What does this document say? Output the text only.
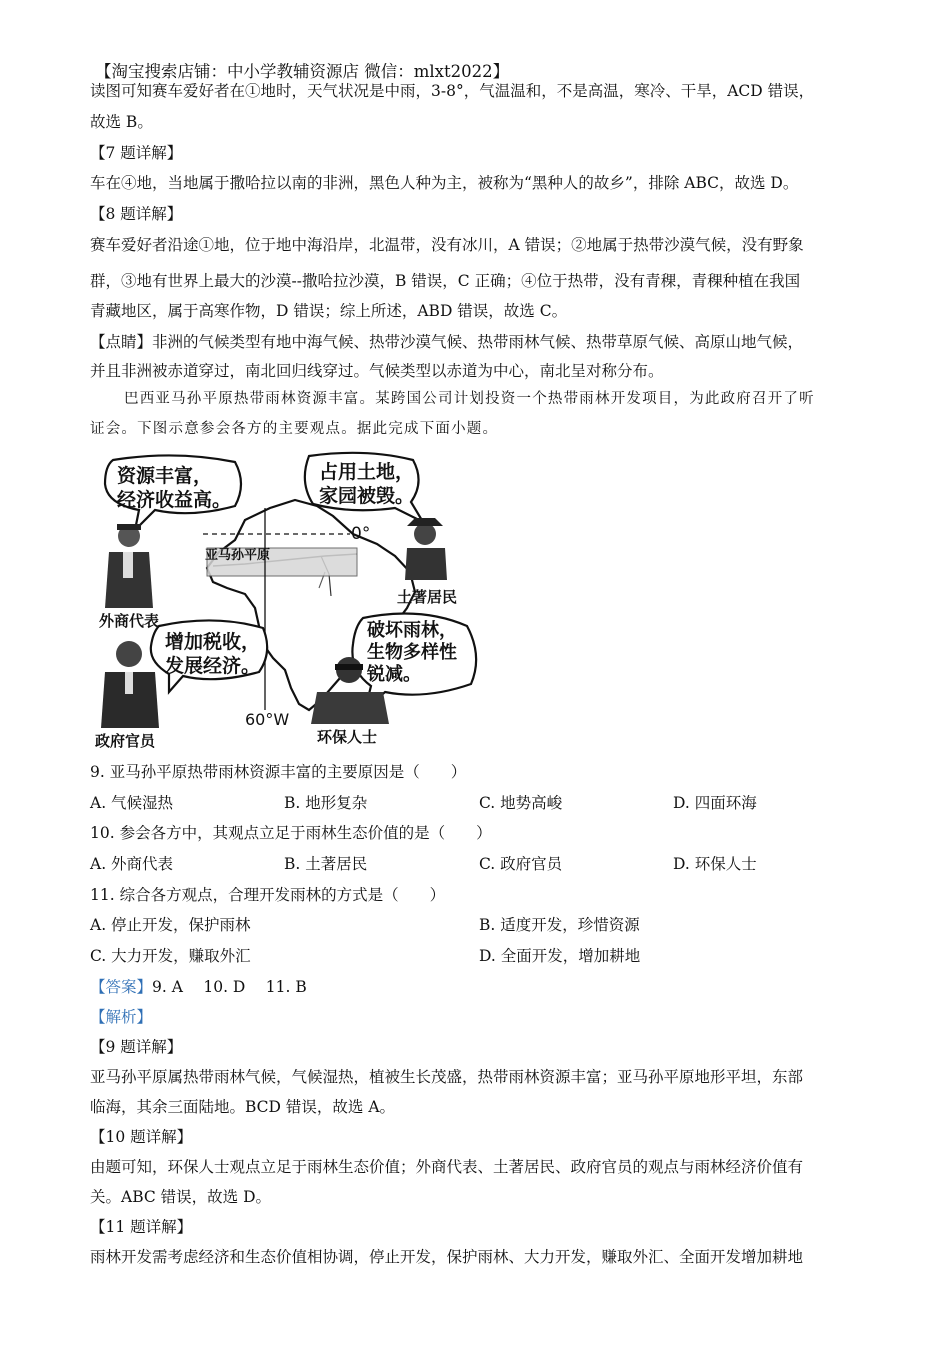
【淘宝搜索店铺：中小学教辅资源店 微信：mlxt2022】
读图可知赛车爱好者在①地时，天气状况是中雨，3-8°，气温温和，不是高温，寒冷、干旱，ACD 错误，
故选 B。
【7 题详解】
车在④地，当地属于撒哈拉以南的非洲，黑色人种为主，被称为“黑种人的故乡”，排除 ABC，故选 D。
【8 题详解】
赛车爱好者沿途①地，位于地中海沿岸，北温带，没有冰川，A 错误；②地属于热带沙漠气候，没有野象
群，③地有世界上最大的沙漠--撒哈拉沙漠，B 错误，C 正确；④位于热带，没有青稞，青稞种植在我国
青藏地区，属于高寒作物，D 错误；综上所述，ABD 错误，故选 C。
【点睛】非洲的气候类型有地中海气候、热带沙漠气候、热带雨林气候、热带草原气候、高原山地气候，
并且非洲被赤道穿过，南北回归线穿过。气候类型以赤道为中心，南北呈对称分布。
巴西亚马孙平原热带雨林资源丰富。某跨国公司计划投资一个热带雨林开发项目，为此政府召开了听
证会。下图示意参会各方的主要观点。据此完成下面小题。
资源丰富，
经济收益高。
占用土地，
家园被毁。
增加税收，
发展经济。
破坏雨林，
生物多样性
锐减。
亚马孙平原
0°
60°W
外商代表
土著居民
政府官员	环保人士
9. 亚马孙平原热带雨林资源丰富的主要原因是（　　）
A. 气候湿热	B. 地形复杂	C. 地势高峻	D. 四面环海
10. 参会各方中，其观点立足于雨林生态价值的是（　　）
A. 外商代表	B. 土著居民	C. 政府官员	D. 环保人士
11. 综合各方观点，合理开发雨林的方式是（　　）
A. 停止开发，保护雨林	B. 适度开发，珍惜资源
C. 大力开发，赚取外汇	D. 全面开发，增加耕地
【答案】9. A　 10. D　 11. B
【解析】
【9 题详解】
亚马孙平原属热带雨林气候，气候湿热，植被生长茂盛，热带雨林资源丰富；亚马孙平原地形平坦，东部
临海，其余三面陆地。BCD 错误，故选 A。
【10 题详解】
由题可知，环保人士观点立足于雨林生态价值；外商代表、土著居民、政府官员的观点与雨林经济价值有
关。ABC 错误，故选 D。
【11 题详解】
雨林开发需考虑经济和生态价值相协调，停止开发，保护雨林、大力开发，赚取外汇、全面开发增加耕地
